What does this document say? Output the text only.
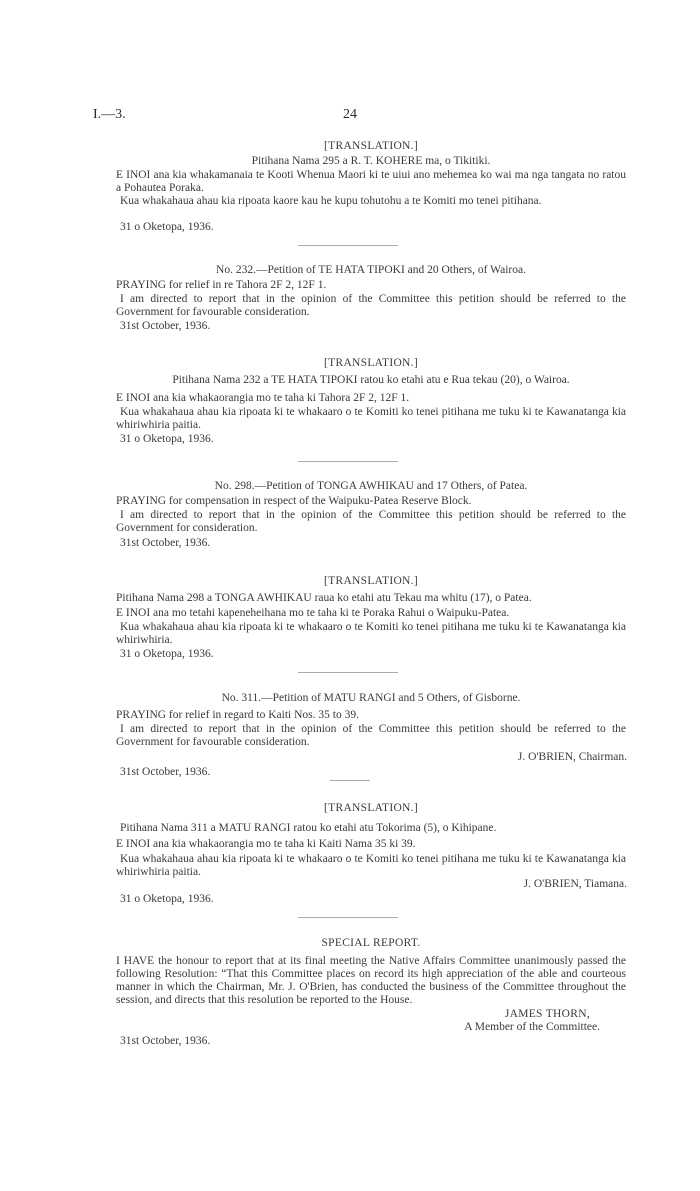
I.—3.	24
[TRANSLATION.]
Pitihana Nama 295 a R. T. KOHERE ma, o Tikitiki.
E INOI ana kia whakamanaia te Kooti Whenua Maori ki te uiui ano mehemea ko wai ma nga tangata no ratou a Pohautea Poraka.
Kua whakahaua ahau kia ripoata kaore kau he kupu tohutohu a te Komiti mo tenei pitihana.
31 o Oketopa, 1936.
No. 232.—Petition of TE HATA TIPOKI and 20 Others, of Wairoa.
PRAYING for relief in re Tahora 2F 2, 12F 1.
I am directed to report that in the opinion of the Committee this petition should be referred to the Government for favourable consideration.
31st October, 1936.
[TRANSLATION.]
Pitihana Nama 232 a TE HATA TIPOKI ratou ko etahi atu e Rua tekau (20), o Wairoa.
E INOI ana kia whakaorangia mo te taha ki Tahora 2F 2, 12F 1.
Kua whakahaua ahau kia ripoata ki te whakaaro o te Komiti ko tenei pitihana me tuku ki te Kawanatanga kia whiriwhiria paitia.
31 o Oketopa, 1936.
No. 298.—Petition of TONGA AWHIKAU and 17 Others, of Patea.
PRAYING for compensation in respect of the Waipuku-Patea Reserve Block.
I am directed to report that in the opinion of the Committee this petition should be referred to the Government for consideration.
31st October, 1936.
[TRANSLATION.]
Pitihana Nama 298 a TONGA AWHIKAU raua ko etahi atu Tekau ma whitu (17), o Patea.
E INOI ana mo tetahi kapeneheihana mo te taha ki te Poraka Rahui o Waipuku-Patea.
Kua whakahaua ahau kia ripoata ki te whakaaro o te Komiti ko tenei pitihana me tuku ki te Kawanatanga kia whiriwhiria.
31 o Oketopa, 1936.
No. 311.—Petition of MATU RANGI and 5 Others, of Gisborne.
PRAYING for relief in regard to Kaiti Nos. 35 to 39.
I am directed to report that in the opinion of the Committee this petition should be referred to the Government for favourable consideration.
J. O'BRIEN, Chairman.
31st October, 1936.
[TRANSLATION.]
Pitihana Nama 311 a MATU RANGI ratou ko etahi atu Tokorima (5), o Kihipane.
E INOI ana kia whakaorangia mo te taha ki Kaiti Nama 35 ki 39.
Kua whakahaua ahau kia ripoata ki te whakaaro o te Komiti ko tenei pitihana me tuku ki te Kawanatanga kia whiriwhiria paitia.
J. O'BRIEN, Tiamana.
31 o Oketopa, 1936.
SPECIAL REPORT.
I HAVE the honour to report that at its final meeting the Native Affairs Committee unanimously passed the following Resolution: “That this Committee places on record its high appreciation of the able and courteous manner in which the Chairman, Mr. J. O'Brien, has conducted the business of the Committee throughout the session, and directs that this resolution be reported to the House.
JAMES THORN,
A Member of the Committee.
31st October, 1936.
